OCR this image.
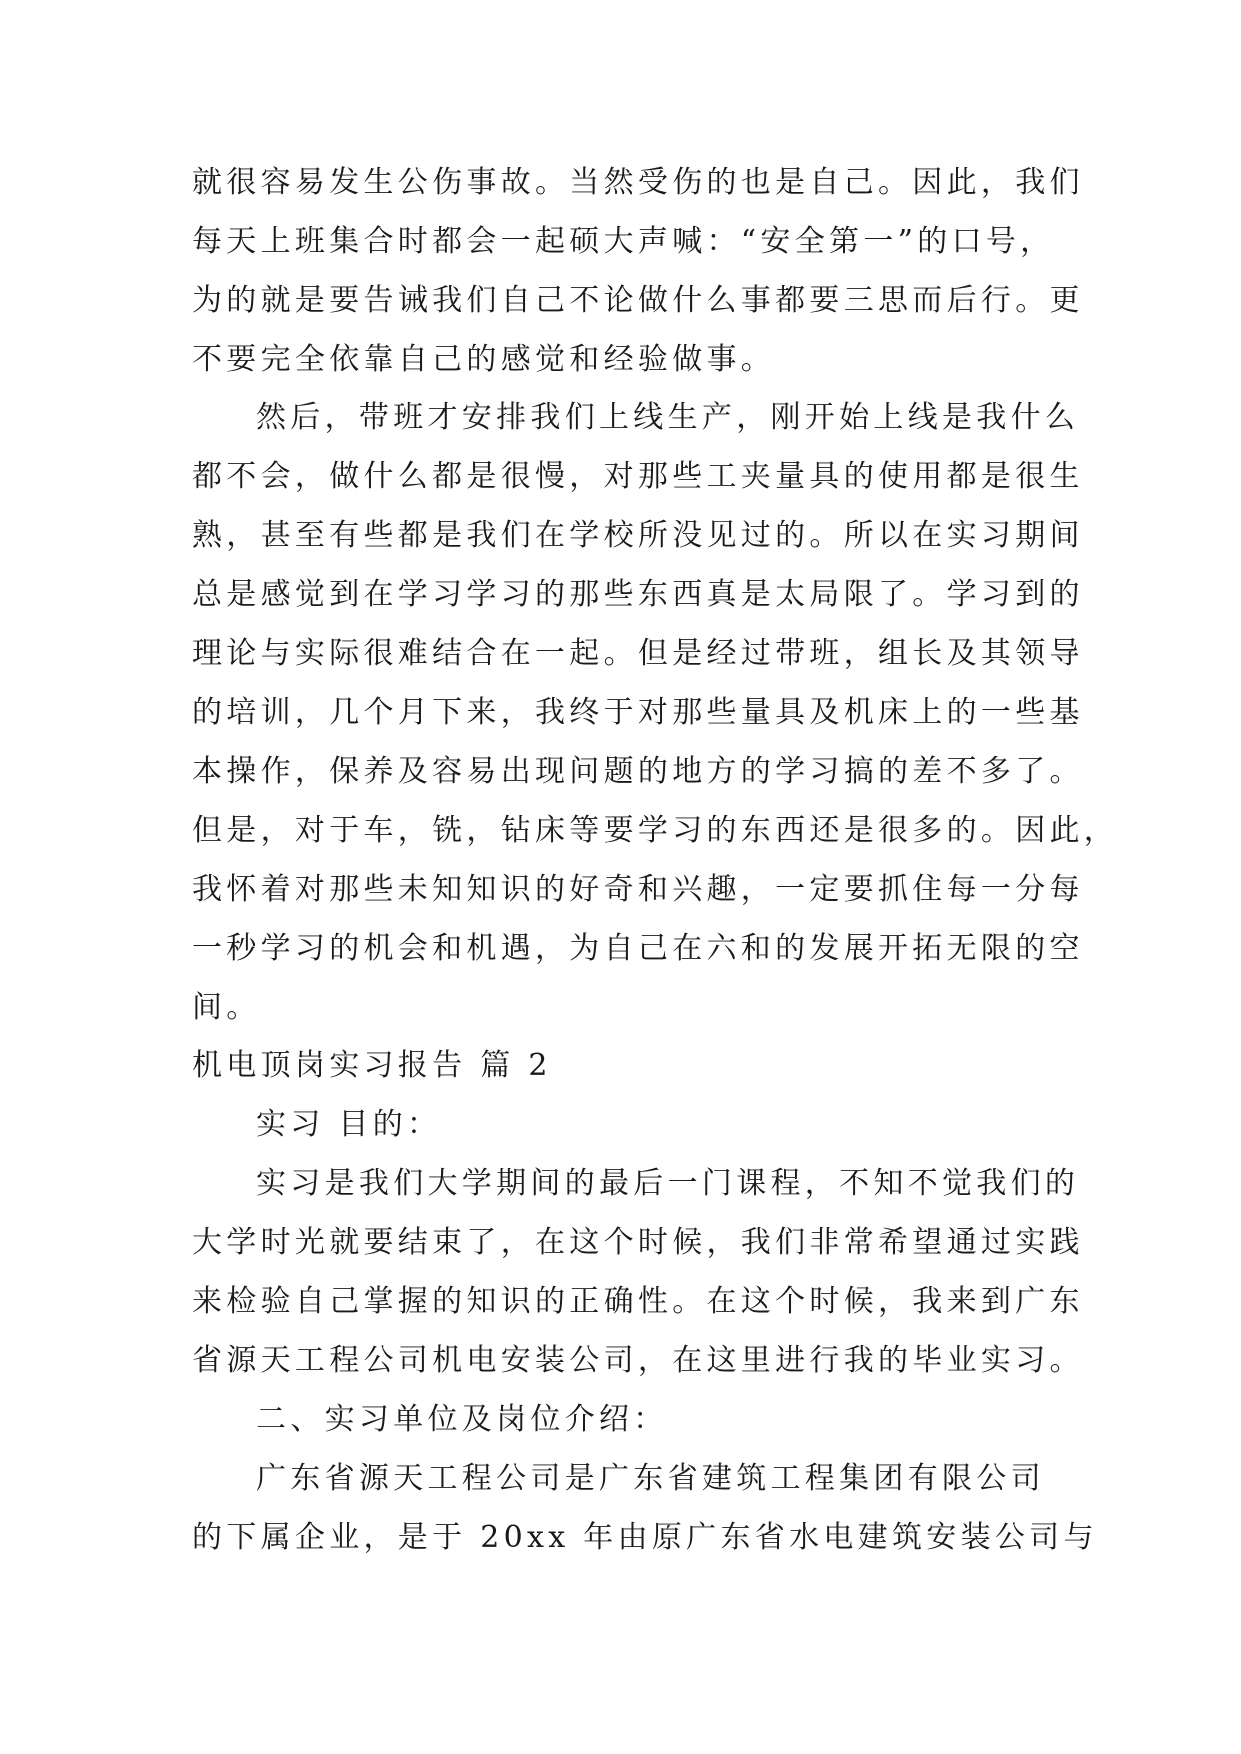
就很容易发生公伤事故。当然受伤的也是自己。因此，我们

每天上班集合时都会一起硕大声喊：“安全第一”的口号，

为的就是要告诫我们自己不论做什么事都要三思而后行。更

不要完全依靠自己的感觉和经验做事。

然后，带班才安排我们上线生产，刚开始上线是我什么

都不会，做什么都是很慢，对那些工夹量具的使用都是很生

熟，甚至有些都是我们在学校所没见过的。所以在实习期间

总是感觉到在学习学习的那些东西真是太局限了。学习到的

理论与实际很难结合在一起。但是经过带班，组长及其领导

的培训，几个月下来，我终于对那些量具及机床上的一些基

本操作，保养及容易出现问题的地方的学习搞的差不多了。

但是，对于车，铣，钻床等要学习的东西还是很多的。因此，

我怀着对那些未知知识的好奇和兴趣，一定要抓住每一分每

一秒学习的机会和机遇，为自己在六和的发展开拓无限的空

间。

机电顶岗实习报告 篇 2

实习 目的：

实习是我们大学期间的最后一门课程，不知不觉我们的

大学时光就要结束了，在这个时候，我们非常希望通过实践

来检验自己掌握的知识的正确性。在这个时候，我来到广东

省源天工程公司机电安装公司，在这里进行我的毕业实习。

二、实习单位及岗位介绍：

广东省源天工程公司是广东省建筑工程集团有限公司

的下属企业，是于 20xx 年由原广东省水电建筑安装公司与
